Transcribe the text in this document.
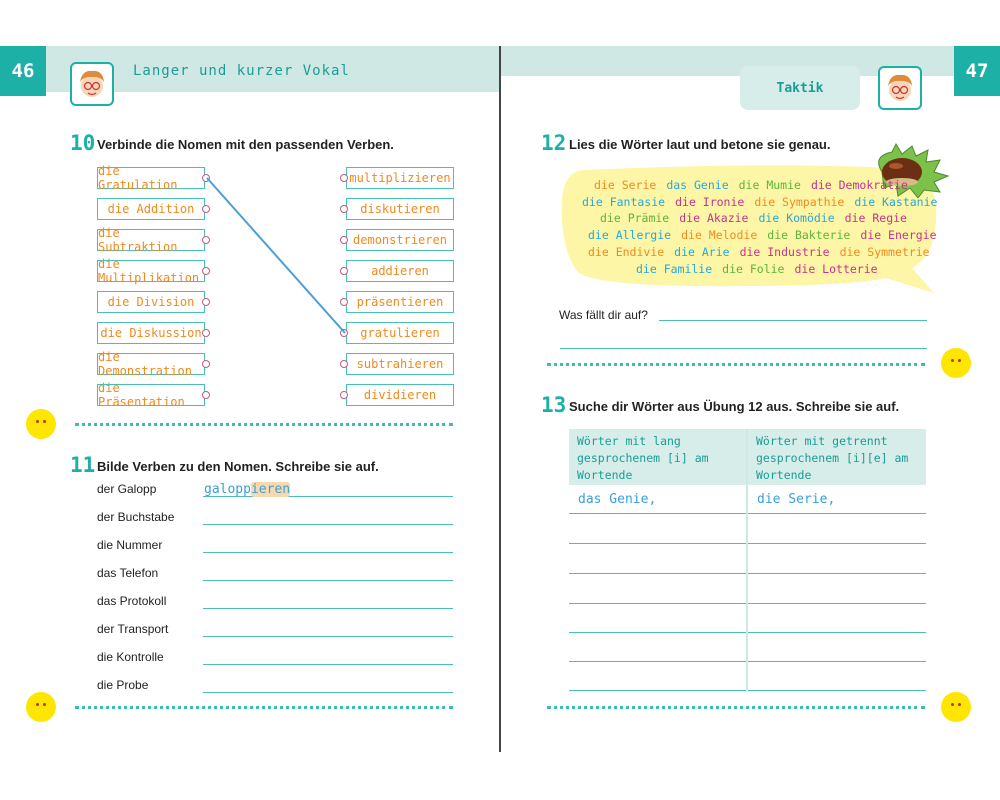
46	47
Langer und kurzer Vokal
Taktik
10 Verbinde die Nomen mit den passenden Verben.
die Gratulation
die Addition
die Subtraktion
die Multiplikation
die Division
die Diskussion
die Demonstration
die Präsentation
multiplizieren
diskutieren
demonstrieren
addieren
präsentieren
gratulieren
subtrahieren
dividieren
11 Bilde Verben zu den Nomen. Schreibe sie auf.
der Galopp
der Buchstabe
die Nummer
das Telefon
das Protokoll
der Transport
die Kontrolle
die Probe
galoppieren
12 Lies die Wörter laut und betone sie genau.
die Serie das Genie die Mumie die Demokratie
die Fantasie die Ironie die Sympathie die Kastanie
die Prämie die Akazie die Komödie die Regie
die Allergie die Melodie die Bakterie die Energie
die Endivie die Arie die Industrie die Symmetrie
die Familie die Folie die Lotterie
Was fällt dir auf?
13 Suche dir Wörter aus Übung 12 aus. Schreibe sie auf.
Wörter mit lang gesprochenem [i] am Wortende
Wörter mit getrennt gesprochenem [i][e] am Wortende
das Genie,	die Serie,
